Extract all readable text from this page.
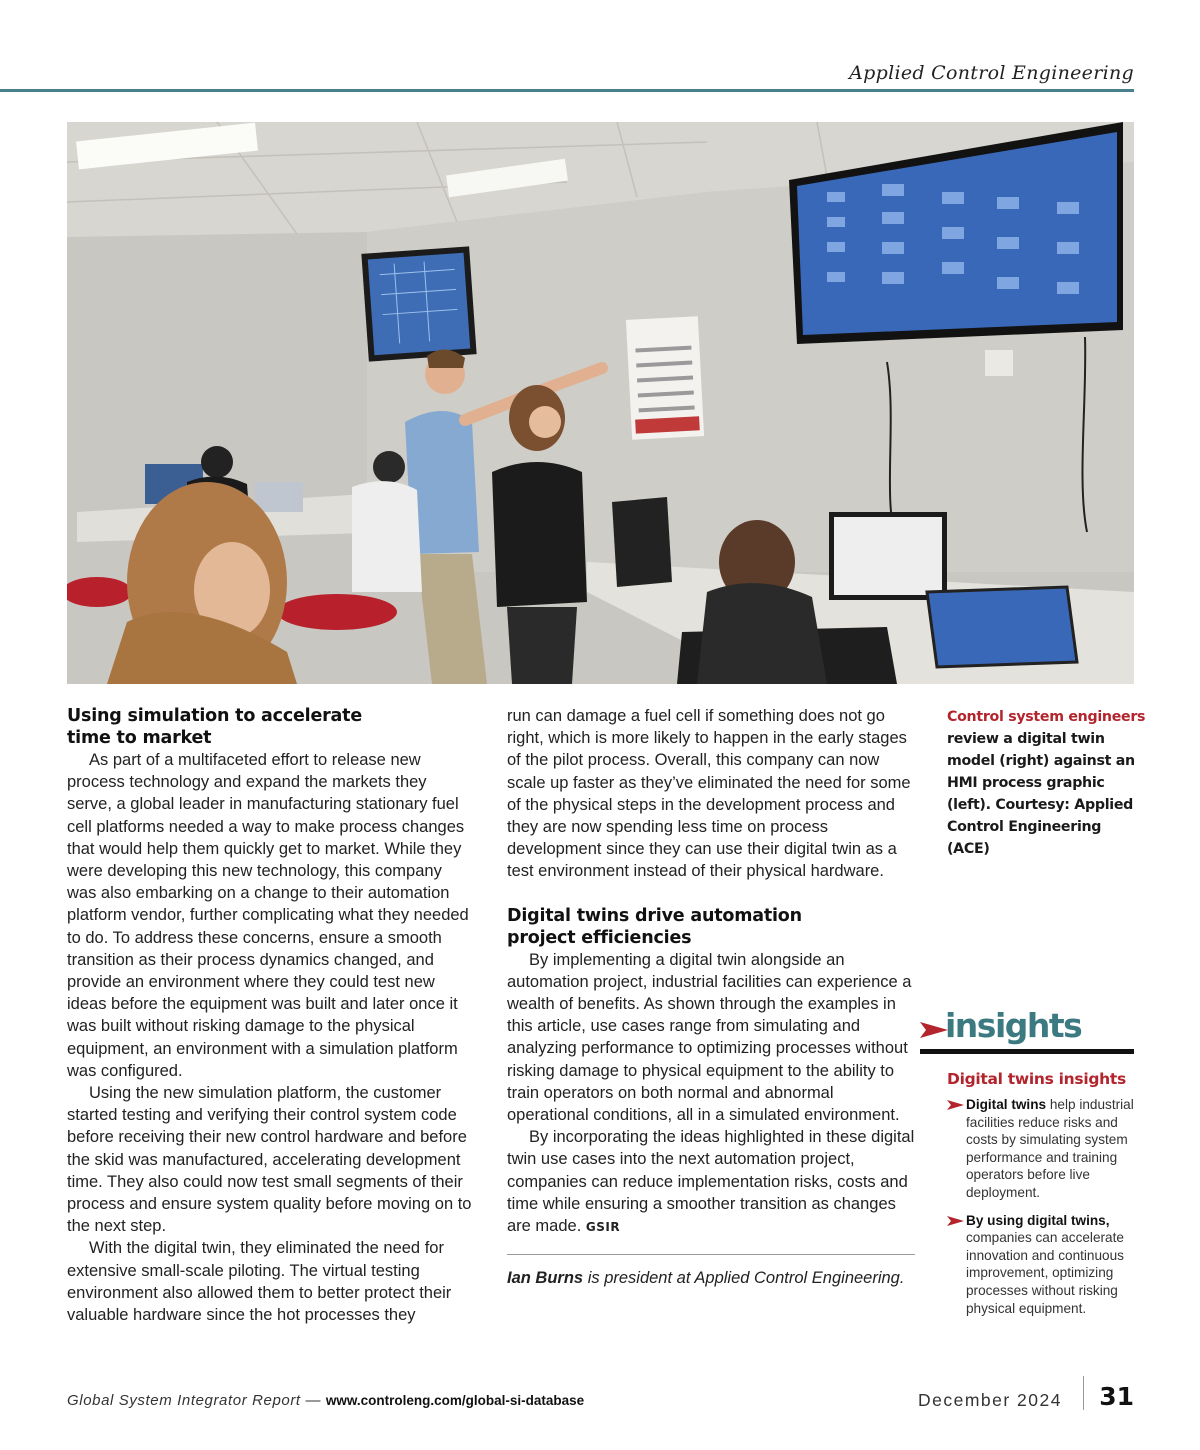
Applied Control Engineering
Using simulation to accelerate
time to market

As part of a multifaceted effort to release new process technology and expand the markets they serve, a global leader in manufacturing stationary fuel cell platforms needed a way to make process changes that would help them quickly get to market. While they were developing this new technology, this company was also embarking on a change to their automation platform vendor, further complicating what they needed to do. To address these concerns, ensure a smooth transition as their process dynamics changed, and provide an environment where they could test new ideas before the equipment was built and later once it was built without risking damage to the physical equipment, an environment with a simulation platform was configured.

Using the new simulation platform, the customer started testing and verifying their control system code before receiving their new control hardware and before the skid was manufactured, accelerating development time. They also could now test small segments of their process and ensure system quality before moving on to the next step.

With the digital twin, they eliminated the need for extensive small-scale piloting. The virtual testing environment also allowed them to better protect their valuable hardware since the hot processes they

run can damage a fuel cell if something does not go right, which is more likely to happen in the early stages of the pilot process. Overall, this company can now scale up faster as they’ve eliminated the need for some of the physical steps in the development process and they are now spending less time on process development since they can use their digital twin as a test environment instead of their physical hardware.

Digital twins drive automation
project efficiencies

By implementing a digital twin alongside an automation project, industrial facilities can experience a wealth of benefits. As shown through the examples in this article, use cases range from simulating and analyzing performance to optimizing processes without risking damage to physical equipment to the ability to train operators on both normal and abnormal operational conditions, all in a simulated environment.

By incorporating the ideas highlighted in these digital twin use cases into the next automation project, companies can reduce implementation risks, costs and time while ensuring a smoother transition as changes are made. GSIR

Ian Burns is president at Applied Control Engineering.
Control system engineers review a digital twin model (right) against an HMI process graphic (left). Courtesy: Applied Control Engineering (ACE)
insights
Digital twins insights
Digital twins help industrial facilities reduce risks and costs by simulating system performance and training operators before live deployment.
By using digital twins, companies can accelerate innovation and continuous improvement, optimizing processes without risking physical equipment.
Global System Integrator Report — www.controleng.com/global-si-database	December 2024 31
